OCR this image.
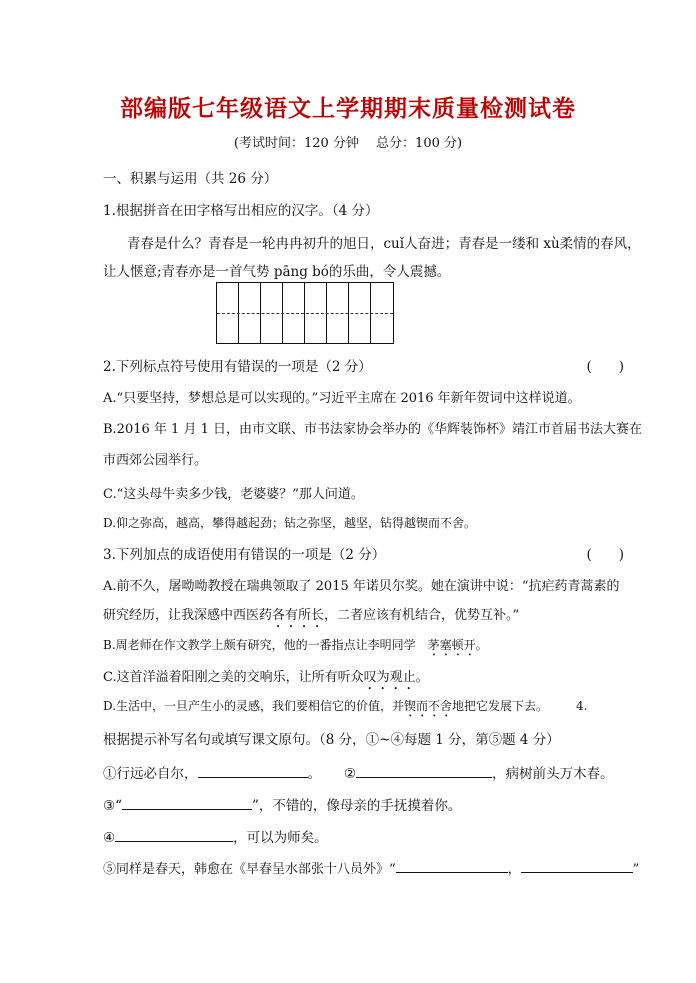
部编版七年级语文上学期期末质量检测试卷
(考试时间：120 分钟　 总分：100 分)
一、积累与运用（共 26 分）
1.根据拼音在田字格写出相应的汉字。（4 分）
青春是什么？青春是一轮冉冉初升的旭日，cuǐ人奋进；青春是一缕和 xù柔情的春风，
让人惬意;青春亦是一首气势 pāng bó的乐曲，令人震撼。
2.下列标点符号使用有错误的一项是（2 分）	(　　)
A.“只要坚持，梦想总是可以实现的。”习近平主席在 2016 年新年贺词中这样说道。
B.2016 年 1 月 1 日，由市文联、市书法家协会举办的《华辉装饰杯》靖江市首届书法大赛在
市西郊公园举行。
C.“这头母牛卖多少钱，老婆婆？”那人问道。
D.仰之弥高，越高，攀得越起劲；钻之弥坚，越坚，钻得越锲而不舍。
3.下列加点的成语使用有错误的一项是（2 分）	(　　)
A.前不久，屠呦呦教授在瑞典领取了 2015 年诺贝尔奖。她在演讲中说：“抗疟药青蒿素的
研究经历，让我深感中西医药各有所长，二者应该有机结合，优势互补。”
B.周老师在作文教学上颇有研究，他的一番指点让李明同学　茅塞顿开。
C.这首洋溢着阳刚之美的交响乐，让所有听众叹为观止。
D.生活中，一旦产生小的灵感，我们要相信它的价值，并锲而不舍地把它发展下去。 4.
根据提示补写名句或填写课文原句。（8 分，①~④每题 1 分，第⑤题 4 分）
①行远必自尔，	。 ②	，病树前头万木春。
③“	”，不错的，像母亲的手抚摸着你。
④	，可以为师矣。
⑤同样是春天，韩愈在《早春呈水部张十八员外》“	，	”
